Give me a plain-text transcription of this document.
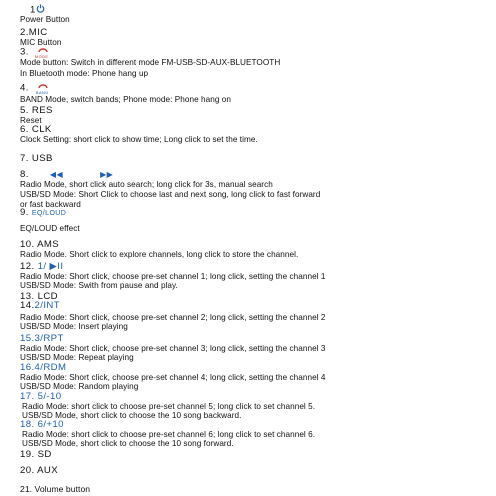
1
Power Button
2.MIC
MIC Button
3. MODE
Mode button: Switch in different mode FM-USB-SD-AUX-BLUETOOTH
In Bluetooth mode: Phone hang up
4. BAND
BAND Mode, switch bands; Phone mode: Phone hang on
5. RES
Reset
6. CLK
Clock Setting: short click to show time; Long click to set the time.
7. USB
8.	◀◀	▶▶
Radio Mode, short click auto search; long click for 3s, manual search
USB/SD Mode: Short Click to choose last and next song, long click to fast forward
or fast backward
9. EQ/LOUD
EQ/LOUD effect
10. AMS
Radio Mode. Short click to explore channels, long click to store the channel.
12. 1/ ▶II
Radio Mode: Short click, choose pre-set channel 1; long click, setting the channel 1
USB/SD Mode: Swith from pause and play.
13. LCD
14.2/INT
Radio Mode: Short click, choose pre-set channel 2; long click, setting the channel 2
USB/SD Mode: Insert playing
15.3/RPT
Radio Mode: Short click, choose pre-set channel 3; long click, setting the channel 3
USB/SD Mode: Repeat playing
16.4/RDM
Radio Mode: Short click, choose pre-set channel 4; long click, setting the channel 4
USB/SD Mode: Random playing
17. 5/-10
Radio Mode: short click to choose pre-set channel 5; long click to set channel 5.
USB/SD Mode, short click to choose the 10 song backward.
18. 6/+10
Radio Mode: short click to choose pre-set channel 6; long click to set channel 6.
USB/SD Mode, short click to choose the 10 song forward.
19. SD
20. AUX
21. Volume button
